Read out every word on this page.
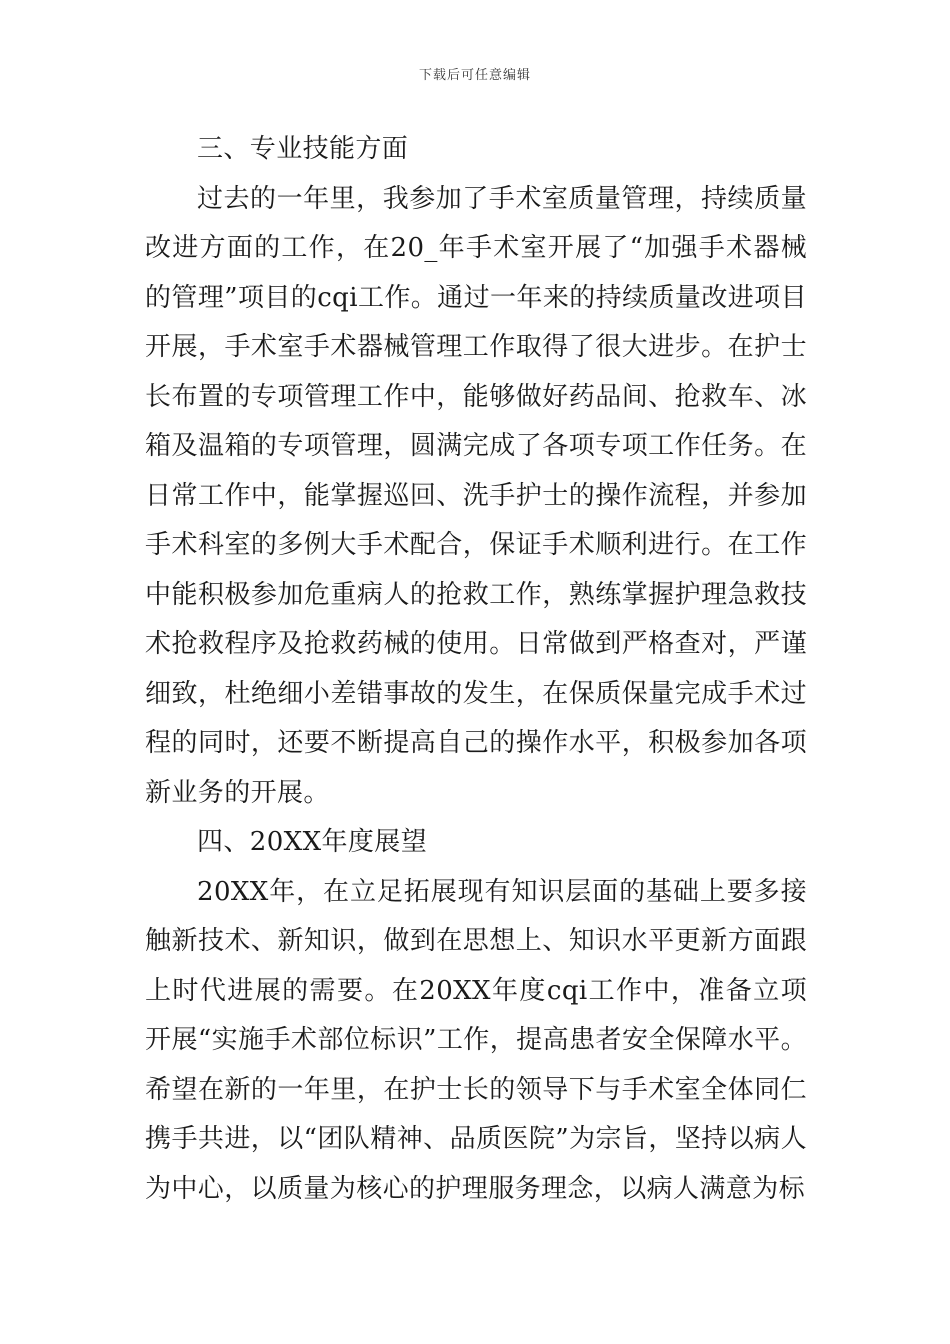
下载后可任意编辑

三、专业技能方面

过去的一年里，我参加了手术室质量管理，持续质量改进方面的工作，在20_年手术室开展了“加强手术器械的管理”项目的cqi工作。通过一年来的持续质量改进项目开展，手术室手术器械管理工作取得了很大进步。在护士长布置的专项管理工作中，能够做好药品间、抢救车、冰箱及温箱的专项管理，圆满完成了各项专项工作任务。在日常工作中，能掌握巡回、洗手护士的操作流程，并参加手术科室的多例大手术配合，保证手术顺利进行。在工作中能积极参加危重病人的抢救工作，熟练掌握护理急救技术抢救程序及抢救药械的使用。日常做到严格查对，严谨细致，杜绝细小差错事故的发生，在保质保量完成手术过程的同时，还要不断提高自己的操作水平，积极参加各项新业务的开展。

四、20XX年度展望

20XX年，在立足拓展现有知识层面的基础上要多接触新技术、新知识，做到在思想上、知识水平更新方面跟上时代进展的需要。在20XX年度cqi工作中，准备立项开展“实施手术部位标识”工作，提高患者安全保障水平。希望在新的一年里，在护士长的领导下与手术室全体同仁携手共进，以“团队精神、品质医院”为宗旨，坚持以病人为中心，以质量为核心的护理服务理念，以病人满意为标
